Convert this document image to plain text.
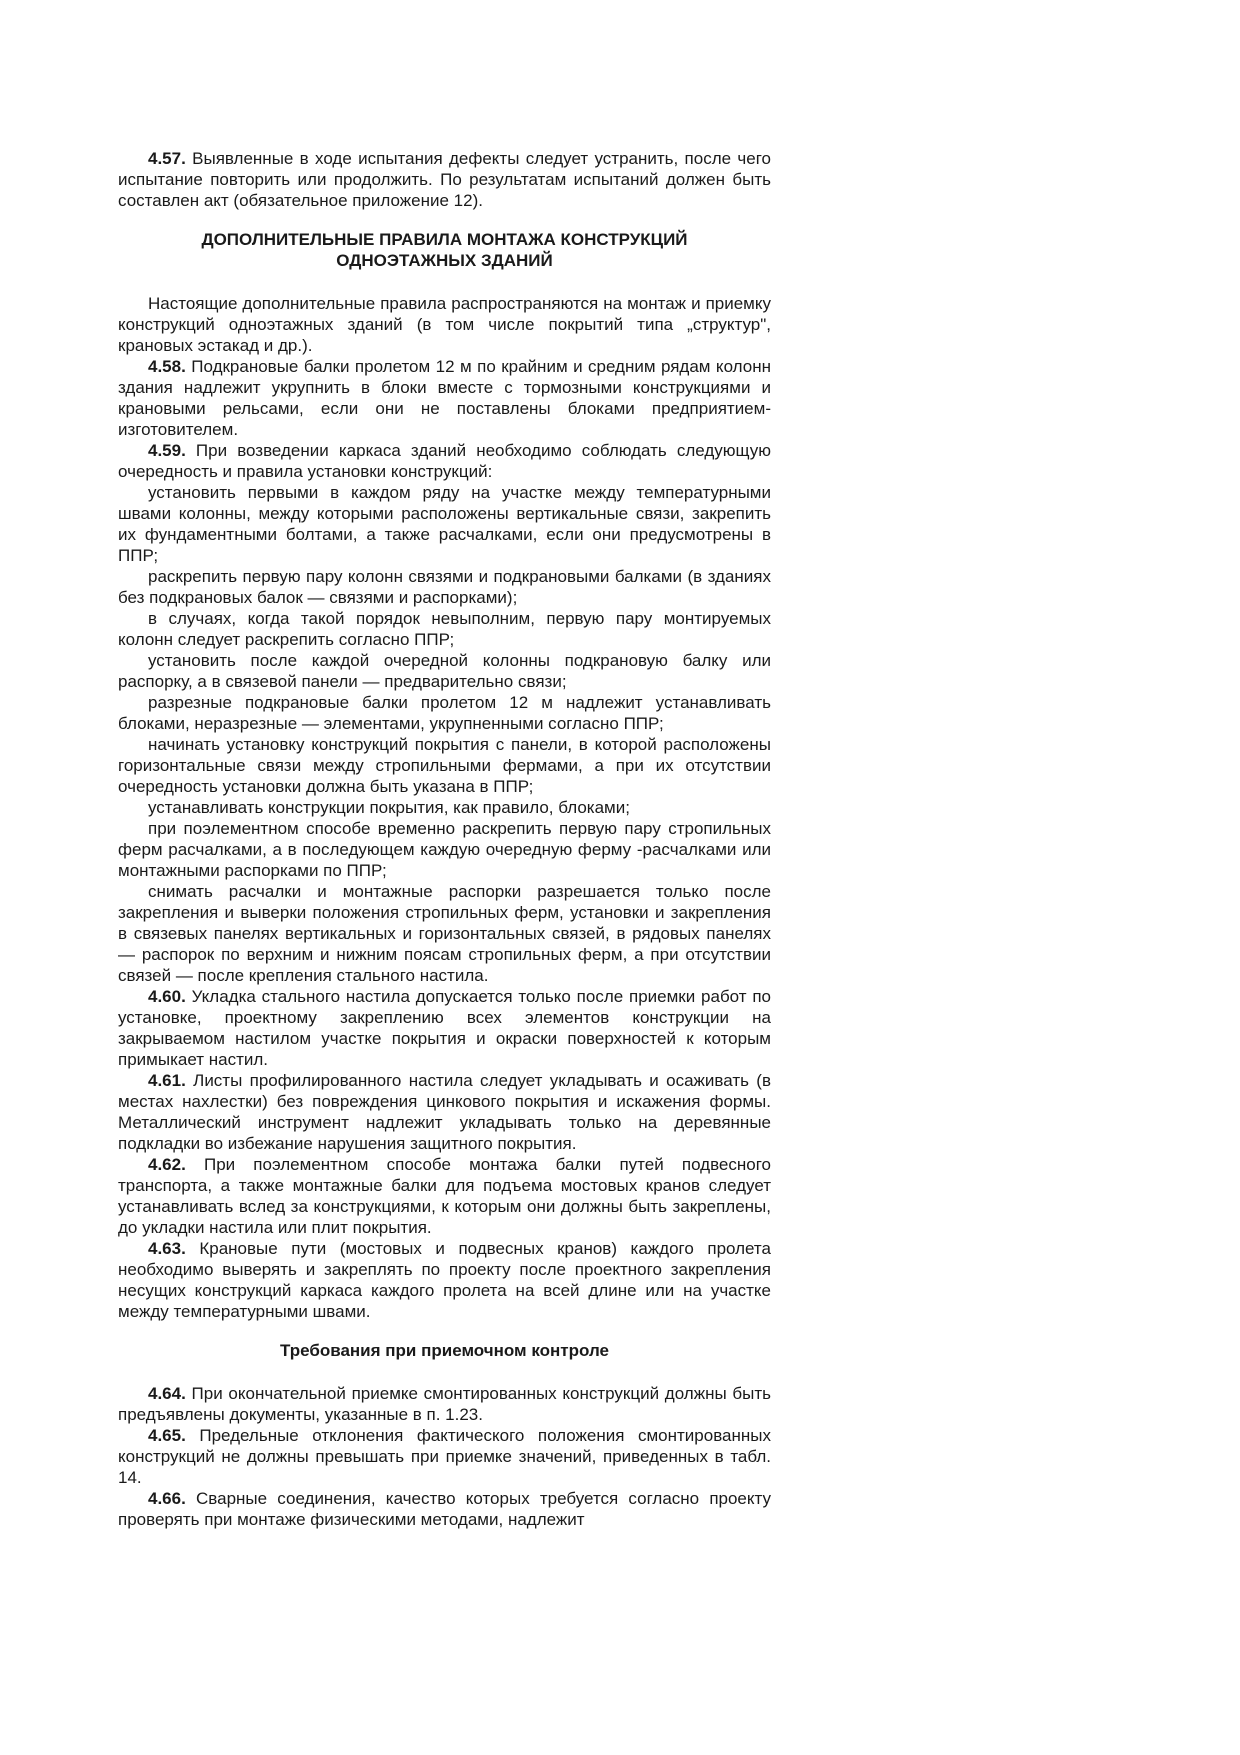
4.57. Выявленные в ходе испытания дефекты следует устранить, после чего испытание повторить или продолжить. По результатам испытаний должен быть составлен акт (обязательное приложение 12).

ДОПОЛНИТЕЛЬНЫЕ ПРАВИЛА МОНТАЖА КОНСТРУКЦИЙ

ОДНОЭТАЖНЫХ ЗДАНИЙ

Настоящие дополнительные правила распространяются на монтаж и приемку конструкций одноэтажных зданий (в том числе покрытий типа „структур", крановых эстакад и др.).

4.58. Подкрановые балки пролетом 12 м по крайним и средним рядам колонн здания надлежит укрупнить в блоки вместе с тормозными конструкциями и крановыми рельсами, если они не поставлены блоками предприятием-изготовителем.

4.59. При возведении каркаса зданий необходимо соблюдать следующую очередность и правила установки конструкций:

установить первыми в каждом ряду на участке между температурными швами колонны, между которыми расположены вертикальные связи, закрепить их фундаментными болтами, а также расчалками, если они предусмотрены в ППР;

раскрепить первую пару колонн связями и подкрановыми балками (в зданиях без подкрановых балок — связями и распорками);

в случаях, когда такой порядок невыполним, первую пару монтируемых колонн следует раскрепить согласно ППР;

установить после каждой очередной колонны подкрановую балку или распорку, а в связевой панели — предварительно связи;

разрезные подкрановые балки пролетом 12 м надлежит устанавливать блоками, неразрезные — элементами, укрупненными согласно ППР;

начинать установку конструкций покрытия с панели, в которой расположены горизонтальные связи между стропильными фермами, а при их отсутствии очередность установки должна быть указана в ППР;

устанавливать конструкции покрытия, как правило, блоками;

при поэлементном способе временно раскрепить первую пару стропильных ферм расчалками, а в последующем каждую очередную ферму -расчалками или монтажными распорками по ППР;

снимать расчалки и монтажные распорки разрешается только после закрепления и выверки положения стропильных ферм, установки и закрепления в связевых панелях вертикальных и горизонтальных связей, в рядовых панелях — распорок по верхним и нижним поясам стропильных ферм, а при отсутствии связей — после крепления стального настила.

4.60. Укладка стального настила допускается только после приемки работ по установке, проектному закреплению всех элементов конструкции на закрываемом настилом участке покрытия и окраски поверхностей к которым примыкает настил.

4.61. Листы профилированного настила следует укладывать и осаживать (в местах нахлестки) без повреждения цинкового покрытия и искажения формы. Металлический инструмент надлежит укладывать только на деревянные подкладки во избежание нарушения защитного покрытия.

4.62. При поэлементном способе монтажа балки путей подвесного транспорта, а также монтажные балки для подъема мостовых кранов следует устанавливать вслед за конструкциями, к которым они должны быть закреплены, до укладки настила или плит покрытия.

4.63. Крановые пути (мостовых и подвесных кранов) каждого пролета необходимо выверять и закреплять по проекту после проектного закрепления несущих конструкций каркаса каждого пролета на всей длине или на участке между температурными швами.

Требования при приемочном контроле

4.64. При окончательной приемке смонтированных конструкций должны быть предъявлены документы, указанные в п. 1.23.

4.65. Предельные отклонения фактического положения смонтированных конструкций не должны превышать при приемке значений, приведенных в табл. 14.

4.66. Сварные соединения, качество которых требуется согласно проекту проверять при монтаже физическими методами, надлежит
